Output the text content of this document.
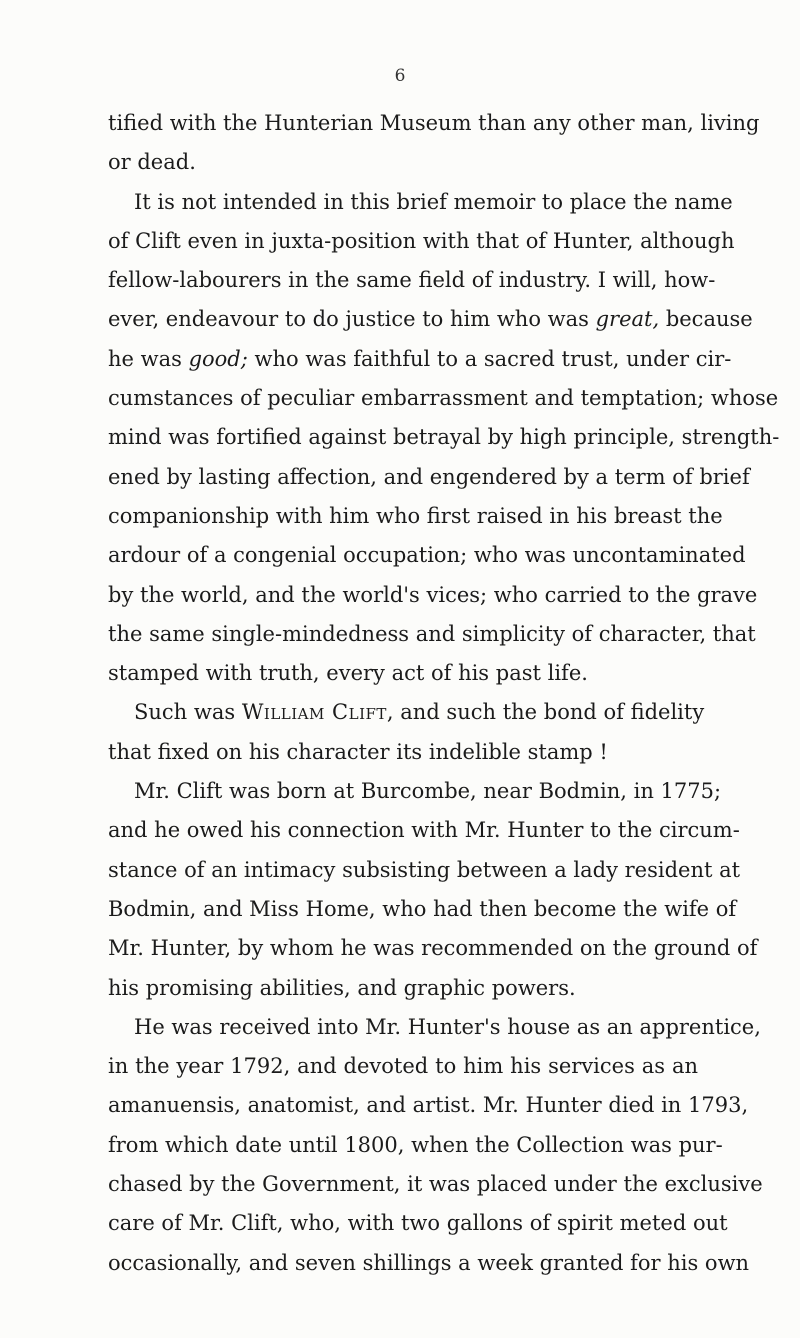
6
tified with the Hunterian Museum than any other man, living
or dead.
It is not intended in this brief memoir to place the name
of Clift even in juxta-position with that of Hunter, although
fellow-labourers in the same field of industry. I will, how-
ever, endeavour to do justice to him who was great, because
he was good; who was faithful to a sacred trust, under cir-
cumstances of peculiar embarrassment and temptation; whose
mind was fortified against betrayal by high principle, strength-
ened by lasting affection, and engendered by a term of brief
companionship with him who first raised in his breast the
ardour of a congenial occupation; who was uncontaminated
by the world, and the world's vices; who carried to the grave
the same single-mindedness and simplicity of character, that
stamped with truth, every act of his past life.
Such was William Clift, and such the bond of fidelity
that fixed on his character its indelible stamp !
Mr. Clift was born at Burcombe, near Bodmin, in 1775;
and he owed his connection with Mr. Hunter to the circum-
stance of an intimacy subsisting between a lady resident at
Bodmin, and Miss Home, who had then become the wife of
Mr. Hunter, by whom he was recommended on the ground of
his promising abilities, and graphic powers.
He was received into Mr. Hunter's house as an apprentice,
in the year 1792, and devoted to him his services as an
amanuensis, anatomist, and artist. Mr. Hunter died in 1793,
from which date until 1800, when the Collection was pur-
chased by the Government, it was placed under the exclusive
care of Mr. Clift, who, with two gallons of spirit meted out
occasionally, and seven shillings a week granted for his own
